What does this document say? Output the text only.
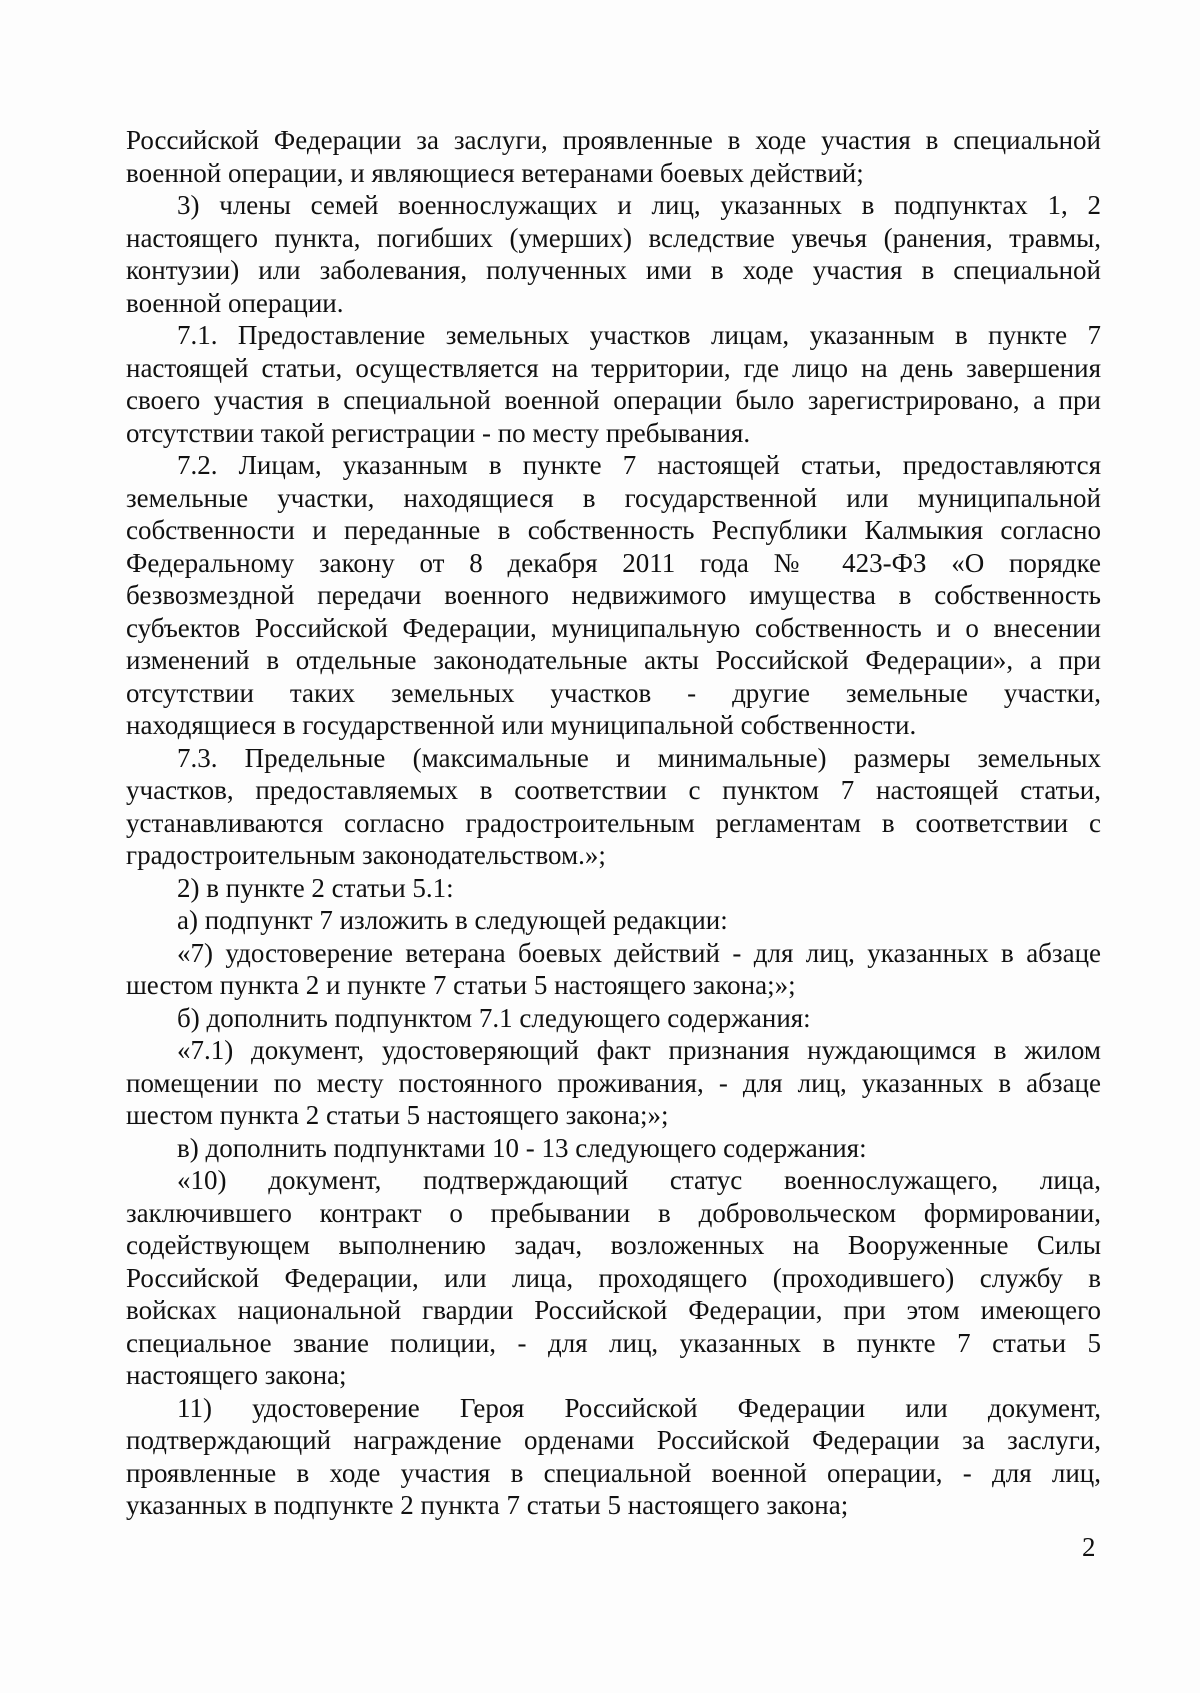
Российской Федерации за заслуги, проявленные в ходе участия в специальной
военной операции, и являющиеся ветеранами боевых действий;
3) члены семей военнослужащих и лиц, указанных в подпунктах 1, 2
настоящего пункта, погибших (умерших) вследствие увечья (ранения, травмы,
контузии) или заболевания, полученных ими в ходе участия в специальной
военной операции.
7.1. Предоставление земельных участков лицам, указанным в пункте 7
настоящей статьи, осуществляется на территории, где лицо на день завершения
своего участия в специальной военной операции было зарегистрировано, а при
отсутствии такой регистрации - по месту пребывания.
7.2. Лицам, указанным в пункте 7 настоящей статьи, предоставляются
земельные участки, находящиеся в государственной или муниципальной
собственности и переданные в собственность Республики Калмыкия согласно
Федеральному закону от 8 декабря 2011 года № 423-ФЗ «О порядке
безвозмездной передачи военного недвижимого имущества в собственность
субъектов Российской Федерации, муниципальную собственность и о внесении
изменений в отдельные законодательные акты Российской Федерации», а при
отсутствии таких земельных участков - другие земельные участки,
находящиеся в государственной или муниципальной собственности.
7.3. Предельные (максимальные и минимальные) размеры земельных
участков, предоставляемых в соответствии с пунктом 7 настоящей статьи,
устанавливаются согласно градостроительным регламентам в соответствии с
градостроительным законодательством.»;
2) в пункте 2 статьи 5.1:
а) подпункт 7 изложить в следующей редакции:
«7) удостоверение ветерана боевых действий - для лиц, указанных в абзаце
шестом пункта 2 и пункте 7 статьи 5 настоящего закона;»;
б) дополнить подпунктом 7.1 следующего содержания:
«7.1) документ, удостоверяющий факт признания нуждающимся в жилом
помещении по месту постоянного проживания, - для лиц, указанных в абзаце
шестом пункта 2 статьи 5 настоящего закона;»;
в) дополнить подпунктами 10 - 13 следующего содержания:
«10) документ, подтверждающий статус военнослужащего, лица,
заключившего контракт о пребывании в добровольческом формировании,
содействующем выполнению задач, возложенных на Вооруженные Силы
Российской Федерации, или лица, проходящего (проходившего) службу в
войсках национальной гвардии Российской Федерации, при этом имеющего
специальное звание полиции, - для лиц, указанных в пункте 7 статьи 5
настоящего закона;
11) удостоверение Героя Российской Федерации или документ,
подтверждающий награждение орденами Российской Федерации за заслуги,
проявленные в ходе участия в специальной военной операции, - для лиц,
указанных в подпункте 2 пункта 7 статьи 5 настоящего закона;
2
